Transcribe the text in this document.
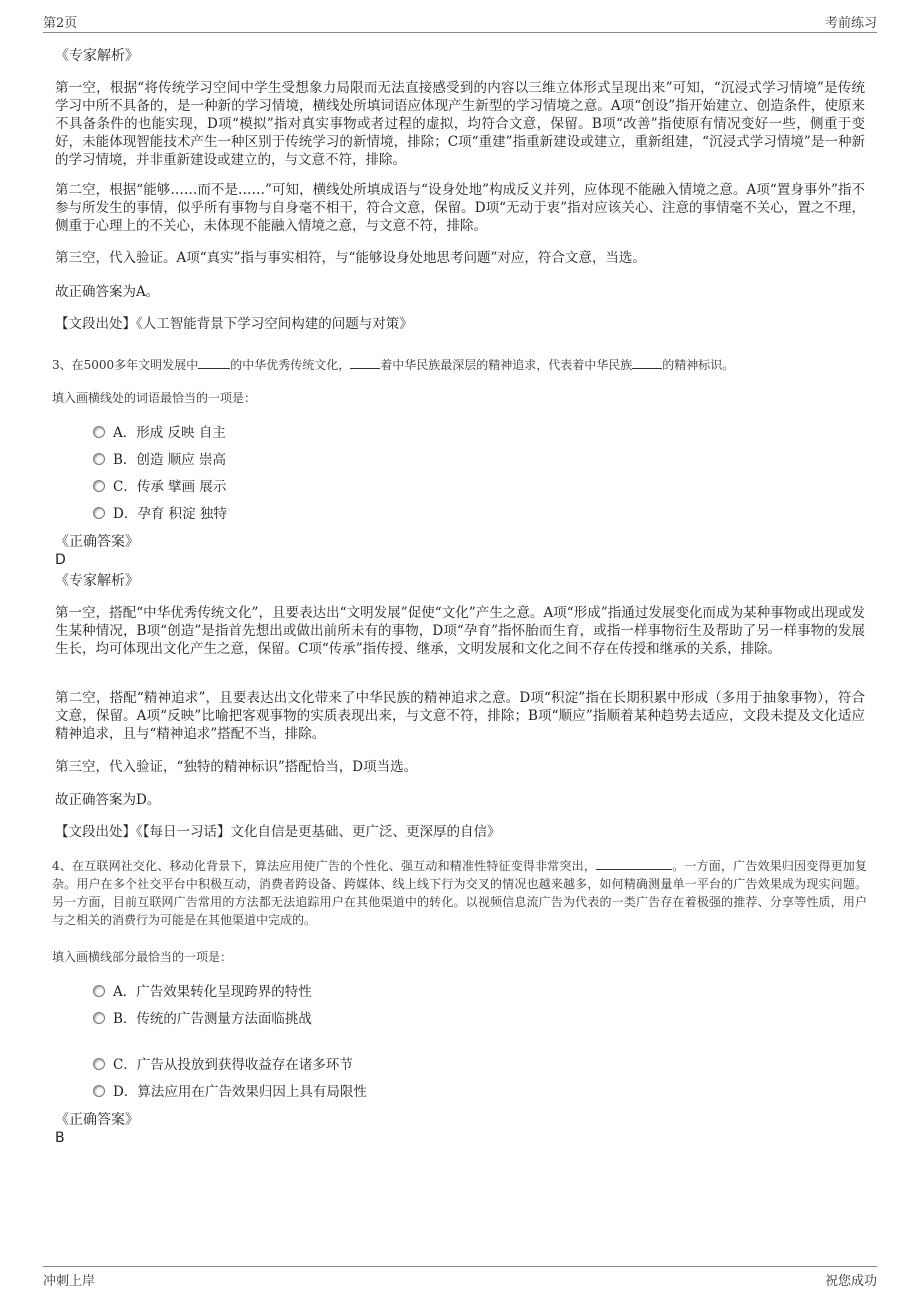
第2页	考前练习
《专家解析》
第一空，根据“将传统学习空间中学生受想象力局限而无法直接感受到的内容以三维立体形式呈现出来”可知，“沉浸式学习情境”是传统学习中所不具备的，是一种新的学习情境，横线处所填词语应体现产生新型的学习情境之意。A项“创设”指开始建立、创造条件，使原来不具备条件的也能实现，D项“模拟”指对真实事物或者过程的虚拟，均符合文意，保留。B项“改善”指使原有情况变好一些，侧重于变好，未能体现智能技术产生一种区别于传统学习的新情境，排除；C项“重建”指重新建设或建立，重新组建，“沉浸式学习情境”是一种新的学习情境，并非重新建设或建立的，与文意不符，排除。
第二空，根据“能够……而不是……”可知，横线处所填成语与“设身处地”构成反义并列，应体现不能融入情境之意。A项“置身事外”指不参与所发生的事情，似乎所有事物与自身毫不相干，符合文意，保留。D项“无动于衷”指对应该关心、注意的事情毫不关心，置之不理，侧重于心理上的不关心，未体现不能融入情境之意，与文意不符，排除。
第三空，代入验证。A项“真实”指与事实相符，与“能够设身处地思考问题”对应，符合文意，当选。
故正确答案为A。
【文段出处】《人工智能背景下学习空间构建的问题与对策》
3、在5000多年文明发展中	的中华优秀传统文化，	着中华民族最深层的精神追求，代表着中华民族	的精神标识。
填入画横线处的词语最恰当的一项是：
A．形成 反映 自主
B．创造 顺应 崇高
C．传承 擘画 展示
D．孕育 积淀 独特
《正确答案》
D
《专家解析》
第一空，搭配“中华优秀传统文化”，且要表达出“文明发展”促使“文化”产生之意。A项“形成”指通过发展变化而成为某种事物或出现或发生某种情况，B项“创造”是指首先想出或做出前所未有的事物，D项“孕育”指怀胎而生育，或指一样事物衍生及帮助了另一样事物的发展生长，均可体现出文化产生之意，保留。C项“传承”指传授、继承，文明发展和文化之间不存在传授和继承的关系，排除。
第二空，搭配“精神追求”，且要表达出文化带来了中华民族的精神追求之意。D项“积淀”指在长期积累中形成（多用于抽象事物），符合文意，保留。A项“反映”比喻把客观事物的实质表现出来，与文意不符，排除；B项“顺应”指顺着某种趋势去适应，文段未提及文化适应精神追求，且与“精神追求”搭配不当，排除。
第三空，代入验证，“独特的精神标识”搭配恰当，D项当选。
故正确答案为D。
【文段出处】《【每日一习话】文化自信是更基础、更广泛、更深厚的自信》
4、在互联网社交化、移动化背景下，算法应用使广告的个性化、强互动和精准性特征变得非常突出，	。一方面，广告效果归因变得更加复杂。用户在多个社交平台中积极互动，消费者跨设备、跨媒体、线上线下行为交叉的情况也越来越多，如何精确测量单一平台的广告效果成为现实问题。另一方面，目前互联网广告常用的方法都无法追踪用户在其他渠道中的转化。以视频信息流广告为代表的一类广告存在着极强的推荐、分享等性质，用户与之相关的消费行为可能是在其他渠道中完成的。
填入画横线部分最恰当的一项是：
A．广告效果转化呈现跨界的特性
B．传统的广告测量方法面临挑战
C．广告从投放到获得收益存在诸多环节
D．算法应用在广告效果归因上具有局限性
《正确答案》
B
冲刺上岸	祝您成功
